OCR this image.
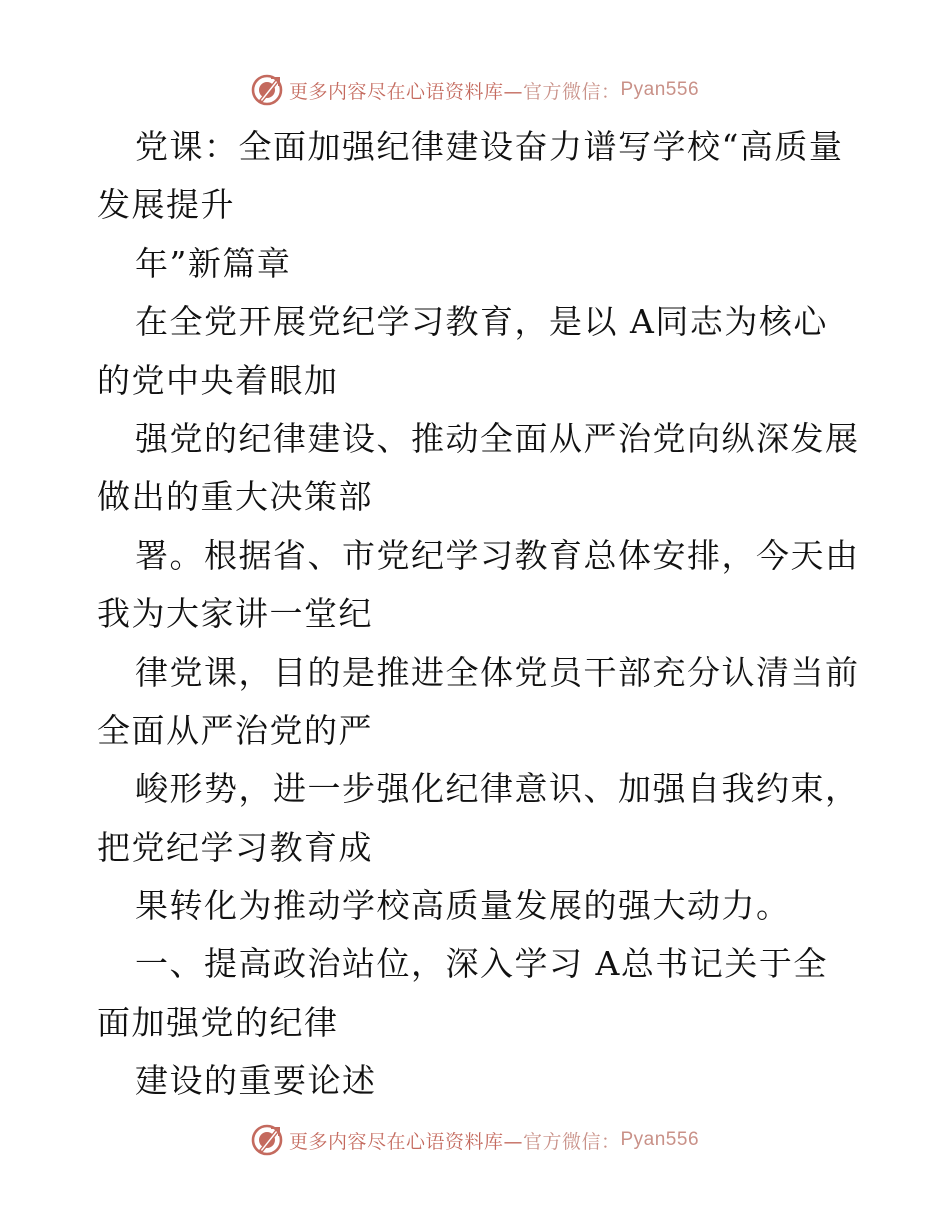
更多内容尽在心语资料库— 官方微信： Pyan556
党课：全面加强纪律建设奋力谱写学校“高质量
发展提升
年”新篇章
在全党开展党纪学习教育，是以 A同志为核心
的党中央着眼加
强党的纪律建设、推动全面从严治党向纵深发展
做出的重大决策部
署。根据省、市党纪学习教育总体安排，今天由
我为大家讲一堂纪
律党课，目的是推进全体党员干部充分认清当前
全面从严治党的严
峻形势，进一步强化纪律意识、加强自我约束，
把党纪学习教育成
果转化为推动学校高质量发展的强大动力。
一、提高政治站位，深入学习 A总书记关于全
面加强党的纪律
建设的重要论述
更多内容尽在心语资料库— 官方微信： Pyan556
